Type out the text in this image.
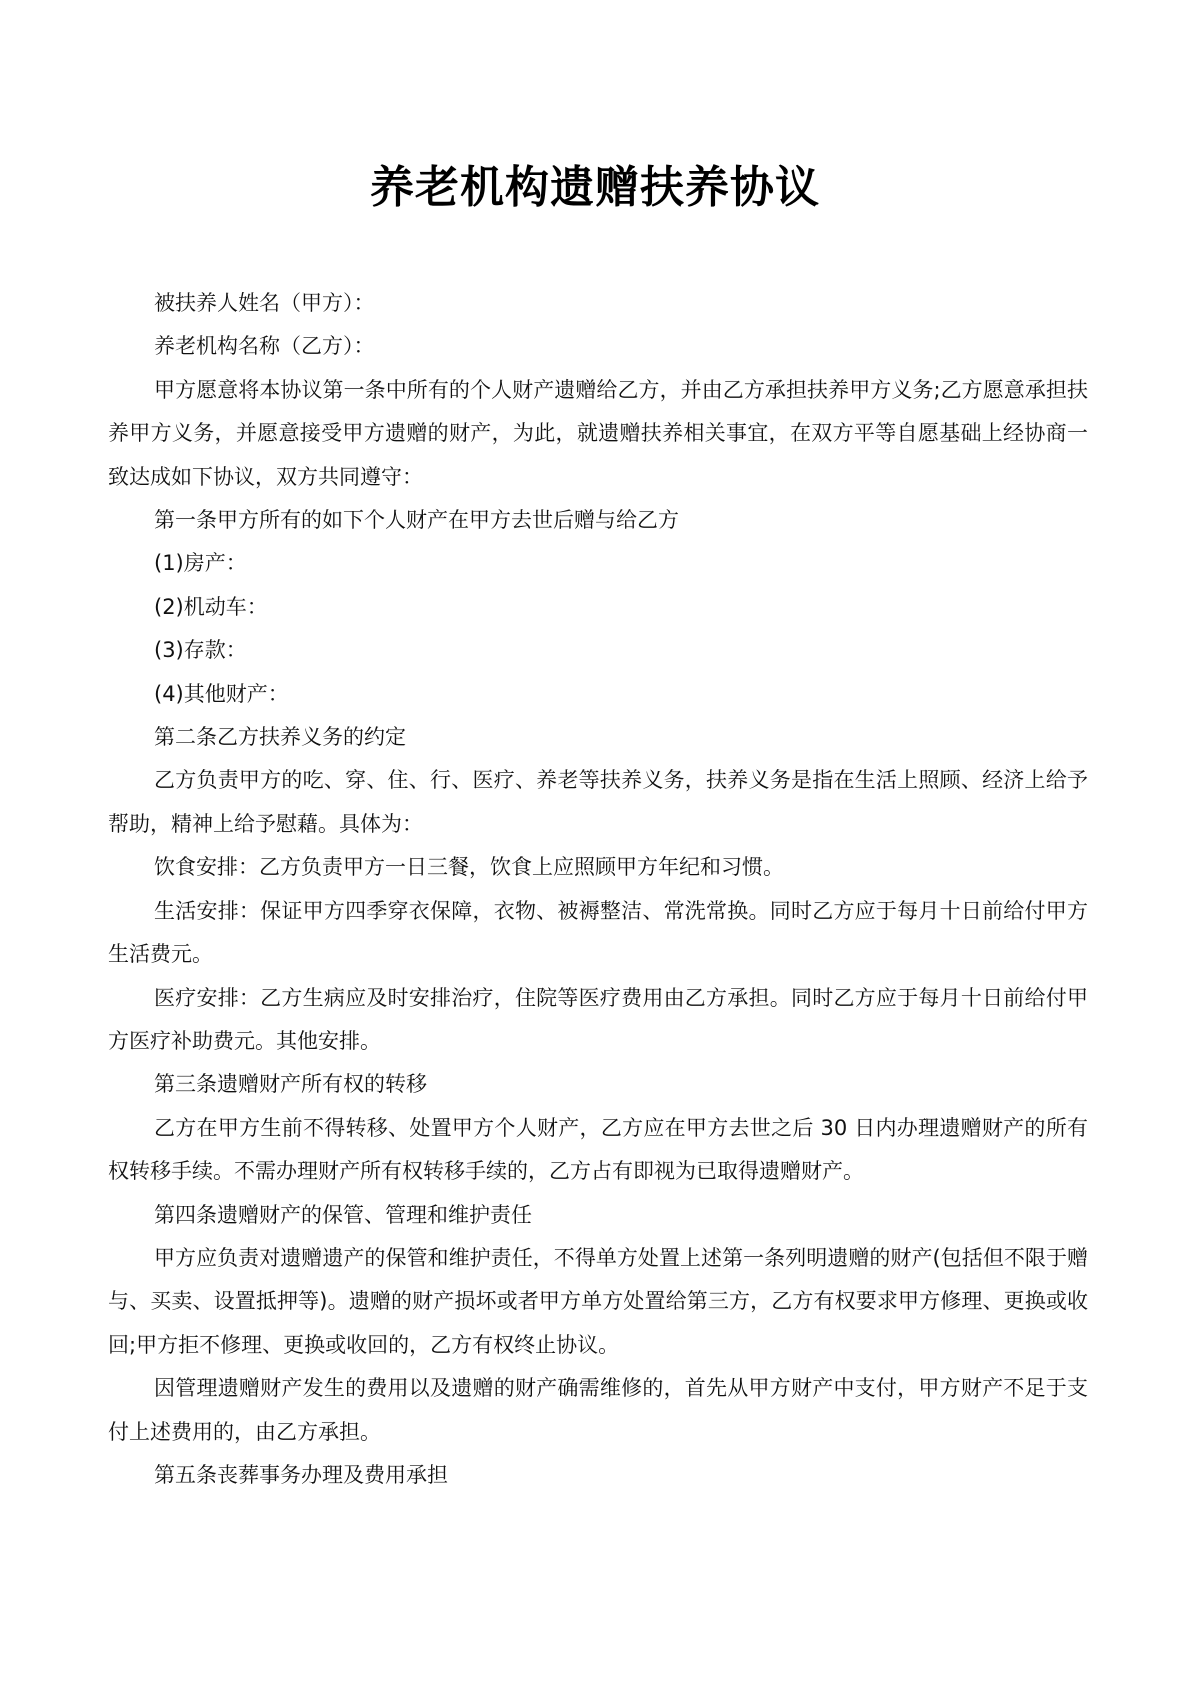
养老机构遗赠扶养协议

被扶养人姓名（甲方）：

养老机构名称（乙方）：

甲方愿意将本协议第一条中所有的个人财产遗赠给乙方，并由乙方承担扶养甲方义务;乙方愿意承担扶养甲方义务，并愿意接受甲方遗赠的财产，为此，就遗赠扶养相关事宜，在双方平等自愿基础上经协商一致达成如下协议，双方共同遵守：

第一条甲方所有的如下个人财产在甲方去世后赠与给乙方

(1)房产：

(2)机动车：

(3)存款：

(4)其他财产：

第二条乙方扶养义务的约定

乙方负责甲方的吃、穿、住、行、医疗、养老等扶养义务，扶养义务是指在生活上照顾、经济上给予帮助，精神上给予慰藉。具体为：

饮食安排：乙方负责甲方一日三餐，饮食上应照顾甲方年纪和习惯。

生活安排：保证甲方四季穿衣保障，衣物、被褥整洁、常洗常换。同时乙方应于每月十日前给付甲方生活费元。

医疗安排：乙方生病应及时安排治疗，住院等医疗费用由乙方承担。同时乙方应于每月十日前给付甲方医疗补助费元。其他安排。

第三条遗赠财产所有权的转移

乙方在甲方生前不得转移、处置甲方个人财产，乙方应在甲方去世之后 30 日内办理遗赠财产的所有权转移手续。不需办理财产所有权转移手续的，乙方占有即视为已取得遗赠财产。

第四条遗赠财产的保管、管理和维护责任

甲方应负责对遗赠遗产的保管和维护责任，不得单方处置上述第一条列明遗赠的财产(包括但不限于赠与、买卖、设置抵押等)。遗赠的财产损坏或者甲方单方处置给第三方，乙方有权要求甲方修理、更换或收回;甲方拒不修理、更换或收回的，乙方有权终止协议。

因管理遗赠财产发生的费用以及遗赠的财产确需维修的，首先从甲方财产中支付，甲方财产不足于支付上述费用的，由乙方承担。

第五条丧葬事务办理及费用承担
